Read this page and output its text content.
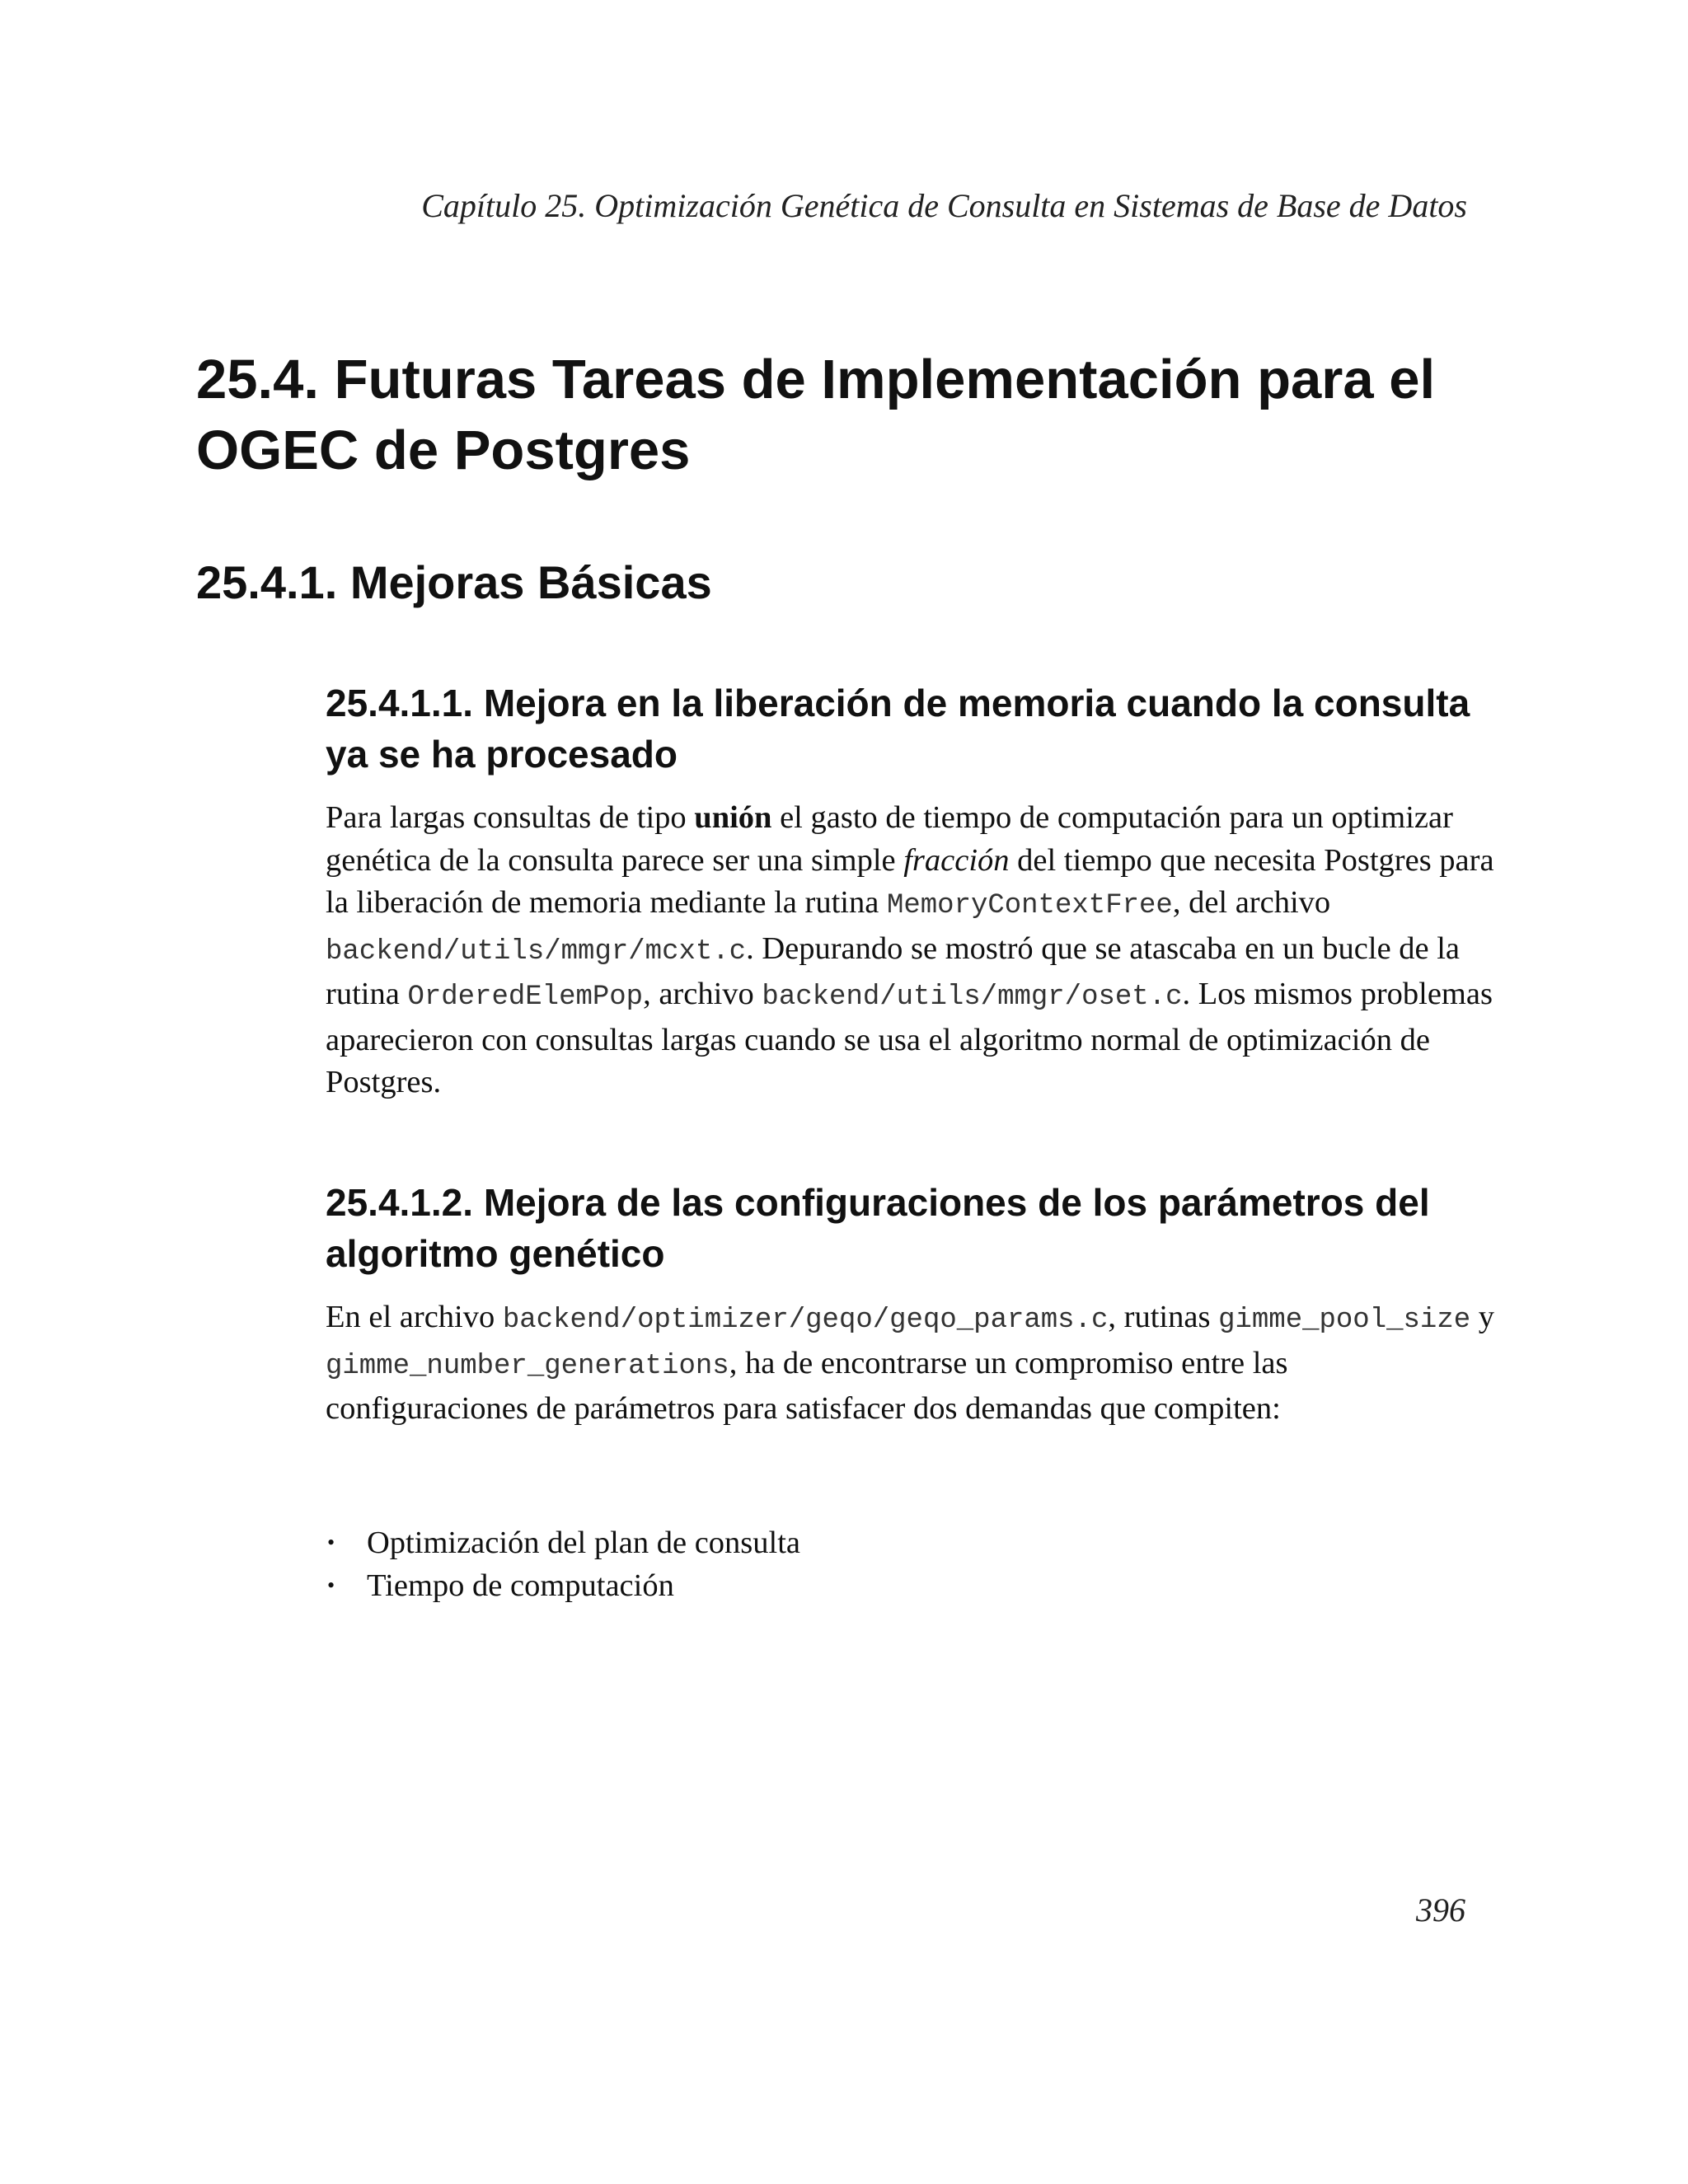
Capítulo 25. Optimización Genética de Consulta en Sistemas de Base de Datos

25.4. Futuras Tareas de Implementación para el OGEC de Postgres
25.4.1. Mejoras Básicas
25.4.1.1. Mejora en la liberación de memoria cuando la consulta ya se ha procesado

Para largas consultas de tipo unión el gasto de tiempo de computación para un optimizar genética de la consulta parece ser una simple fracción del tiempo que necesita Postgres para la liberación de memoria mediante la rutina MemoryContextFree, del archivo backend/utils/mmgr/mcxt.c. Depurando se mostró que se atascaba en un bucle de la rutina OrderedElemPop, archivo backend/utils/mmgr/oset.c. Los mismos problemas aparecieron con consultas largas cuando se usa el algoritmo normal de optimización de Postgres.

25.4.1.2. Mejora de las configuraciones de los parámetros del algoritmo genético

En el archivo backend/optimizer/geqo/geqo_params.c, rutinas gimme_pool_size y gimme_number_generations, ha de encontrarse un compromiso entre las configuraciones de parámetros para satisfacer dos demandas que compiten:

• Optimización del plan de consulta
• Tiempo de computación

396
